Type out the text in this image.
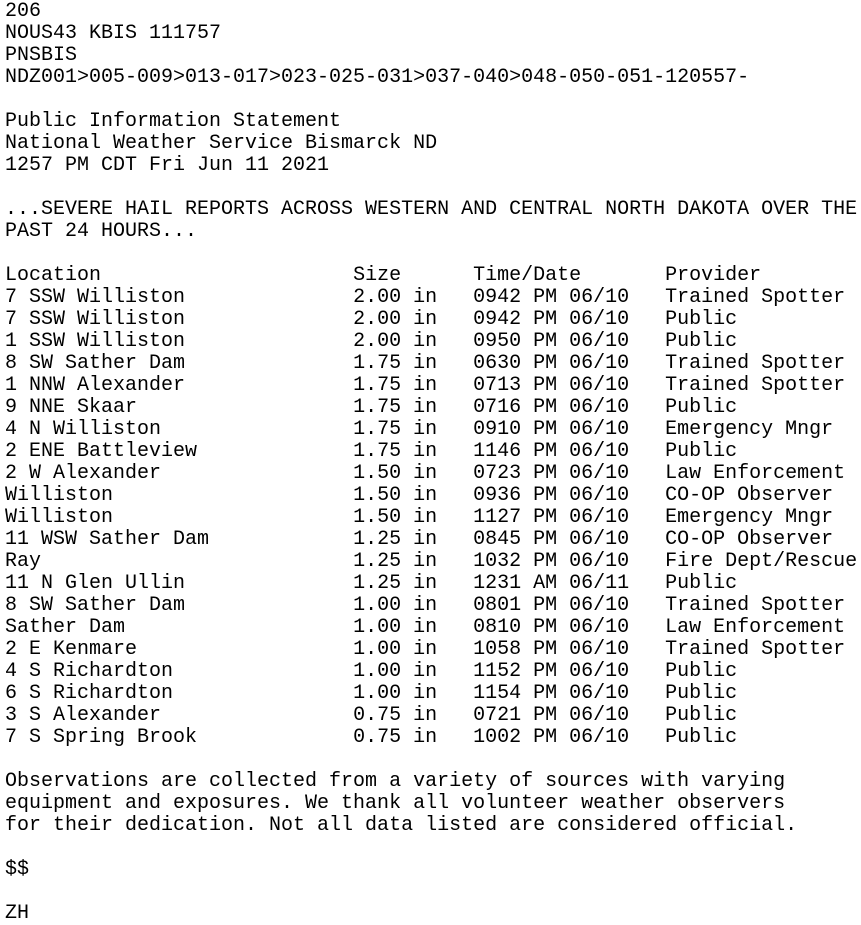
206
NOUS43 KBIS 111757
PNSBIS
NDZ001>005-009>013-017>023-025-031>037-040>048-050-051-120557-
Public Information Statement
National Weather Service Bismarck ND
1257 PM CDT Fri Jun 11 2021
...SEVERE HAIL REPORTS ACROSS WESTERN AND CENTRAL NORTH DAKOTA OVER THE
PAST 24 HOURS...
Location                     Size      Time/Date       Provider
7 SSW Williston              2.00 in   0942 PM 06/10   Trained Spotter
7 SSW Williston              2.00 in   0942 PM 06/10   Public
1 SSW Williston              2.00 in   0950 PM 06/10   Public
8 SW Sather Dam              1.75 in   0630 PM 06/10   Trained Spotter
1 NNW Alexander              1.75 in   0713 PM 06/10   Trained Spotter
9 NNE Skaar                  1.75 in   0716 PM 06/10   Public
4 N Williston                1.75 in   0910 PM 06/10   Emergency Mngr
2 ENE Battleview             1.75 in   1146 PM 06/10   Public
2 W Alexander                1.50 in   0723 PM 06/10   Law Enforcement
Williston                    1.50 in   0936 PM 06/10   CO-OP Observer
Williston                    1.50 in   1127 PM 06/10   Emergency Mngr
11 WSW Sather Dam            1.25 in   0845 PM 06/10   CO-OP Observer
Ray                          1.25 in   1032 PM 06/10   Fire Dept/Rescue
11 N Glen Ullin              1.25 in   1231 AM 06/11   Public
8 SW Sather Dam              1.00 in   0801 PM 06/10   Trained Spotter
Sather Dam                   1.00 in   0810 PM 06/10   Law Enforcement
2 E Kenmare                  1.00 in   1058 PM 06/10   Trained Spotter
4 S Richardton               1.00 in   1152 PM 06/10   Public
6 S Richardton               1.00 in   1154 PM 06/10   Public
3 S Alexander                0.75 in   0721 PM 06/10   Public
7 S Spring Brook             0.75 in   1002 PM 06/10   Public
Observations are collected from a variety of sources with varying
equipment and exposures. We thank all volunteer weather observers
for their dedication. Not all data listed are considered official.
$$
ZH
